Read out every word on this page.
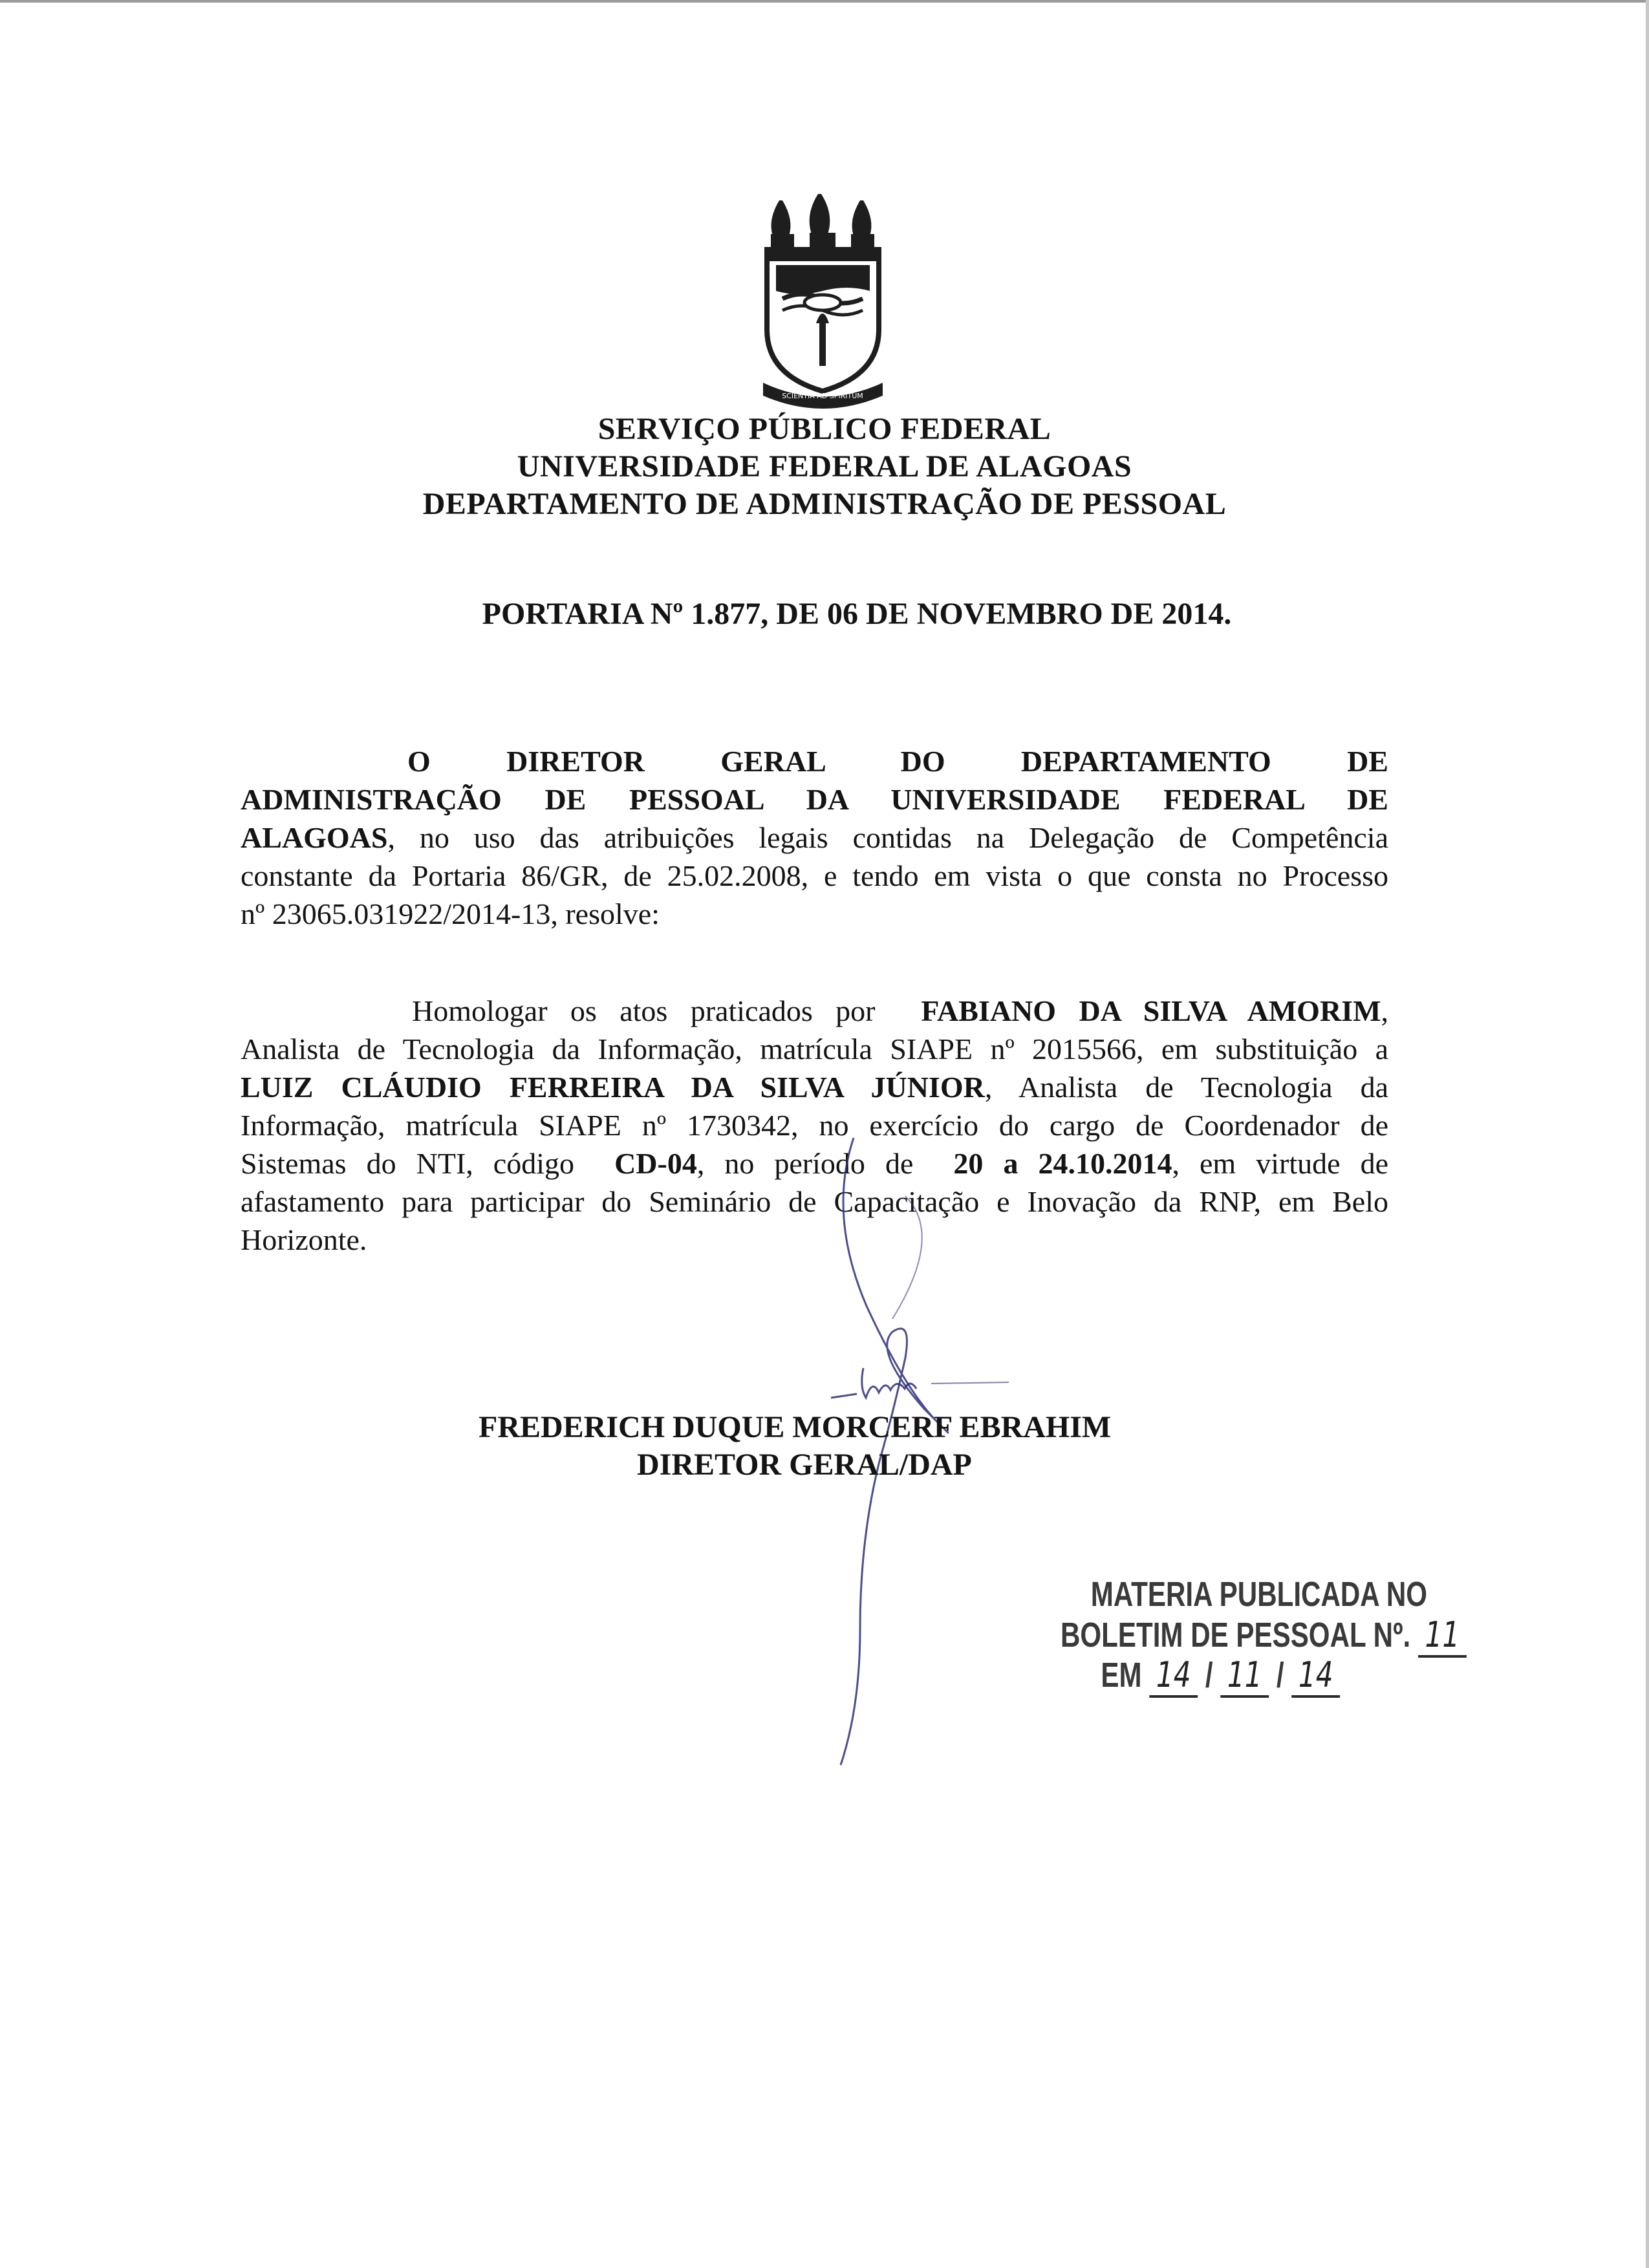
SCIENTIA AD SPIRITUM
SERVIÇO PÚBLICO FEDERAL
UNIVERSIDADE FEDERAL DE ALAGOAS
DEPARTAMENTO DE ADMINISTRAÇÃO DE PESSOAL
PORTARIA Nº 1.877, DE 06 DE NOVEMBRO DE 2014.
O DIRETOR GERAL DO DEPARTAMENTO DE
ADMINISTRAÇÃO DE PESSOAL DA UNIVERSIDADE FEDERAL DE
ALAGOAS, no uso das atribuições legais contidas na Delegação de Competência
constante da Portaria 86/GR, de 25.02.2008, e tendo em vista o que consta no Processo
nº 23065.031922/2014-13, resolve:
Homologar os atos praticados por  FABIANO DA SILVA AMORIM,
Analista de Tecnologia da Informação, matrícula SIAPE nº 2015566, em substituição a
LUIZ CLÁUDIO FERREIRA DA SILVA JÚNIOR, Analista de Tecnologia da
Informação, matrícula SIAPE nº 1730342, no exercício do cargo de Coordenador de
Sistemas do NTI, código  CD-04, no período de  20 a 24.10.2014, em virtude de
afastamento para participar do Seminário de Capacitação e Inovação da RNP, em Belo
Horizonte.
FREDERICH DUQUE MORCERF EBRAHIM
DIRETOR GERAL/DAP
MATERIA PUBLICADA NO
BOLETIM DE PESSOAL Nº. 11
EM 14 / 11 / 14
